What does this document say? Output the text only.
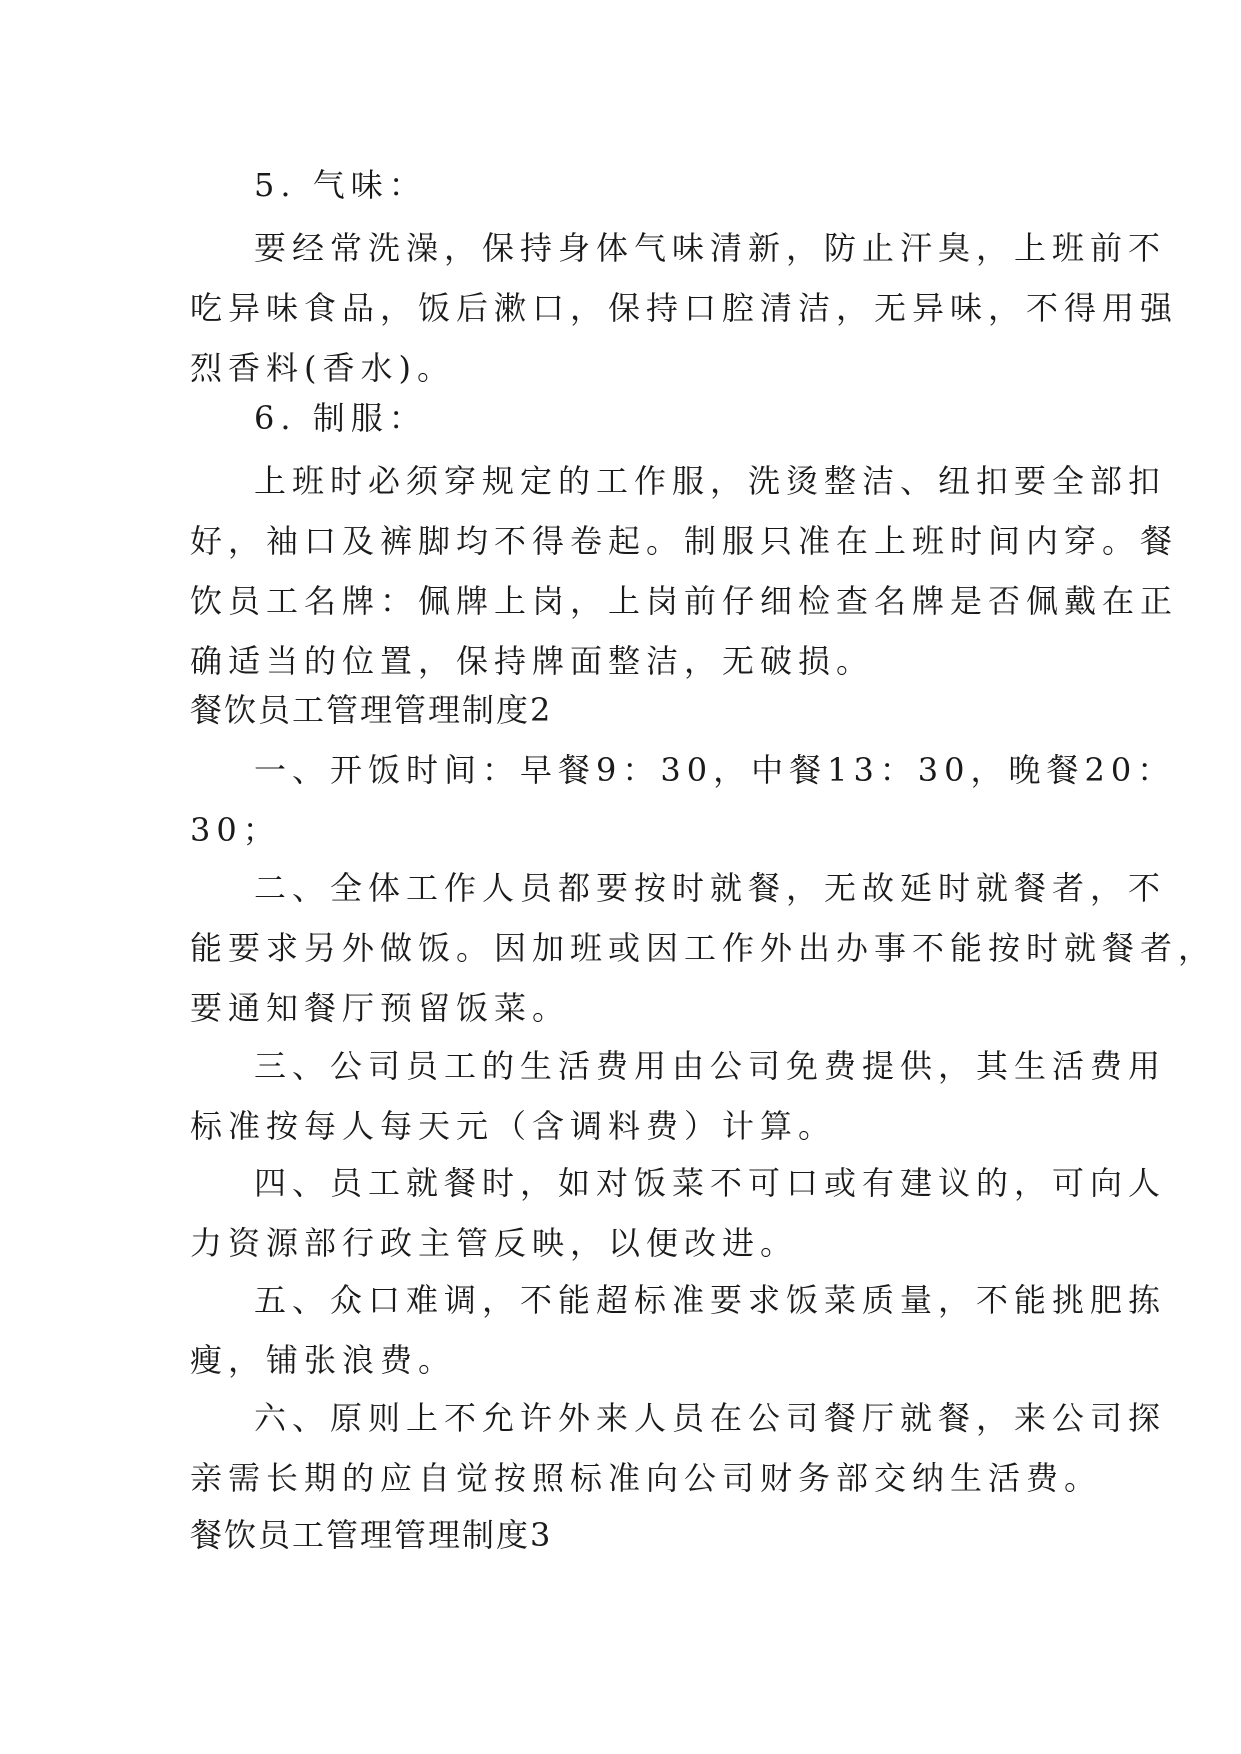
5. 气味：
要经常洗澡，保持身体气味清新，防止汗臭，上班前不
吃异味食品，饭后漱口，保持口腔清洁，无异味，不得用强
烈香料(香水)。
6. 制服：
上班时必须穿规定的工作服，洗烫整洁、纽扣要全部扣
好，袖口及裤脚均不得卷起。制服只准在上班时间内穿。餐
饮员工名牌：佩牌上岗，上岗前仔细检查名牌是否佩戴在正
确适当的位置，保持牌面整洁，无破损。
餐饮员工管理管理制度2
一、开饭时间：早餐9：30，中餐13：30，晚餐20：
30；
二、全体工作人员都要按时就餐，无故延时就餐者，不
能要求另外做饭。因加班或因工作外出办事不能按时就餐者，
要通知餐厅预留饭菜。
三、公司员工的生活费用由公司免费提供，其生活费用
标准按每人每天元（含调料费）计算。
四、员工就餐时，如对饭菜不可口或有建议的，可向人
力资源部行政主管反映，以便改进。
五、众口难调，不能超标准要求饭菜质量，不能挑肥拣
瘦，铺张浪费。
六、原则上不允许外来人员在公司餐厅就餐，来公司探
亲需长期的应自觉按照标准向公司财务部交纳生活费。
餐饮员工管理管理制度3
